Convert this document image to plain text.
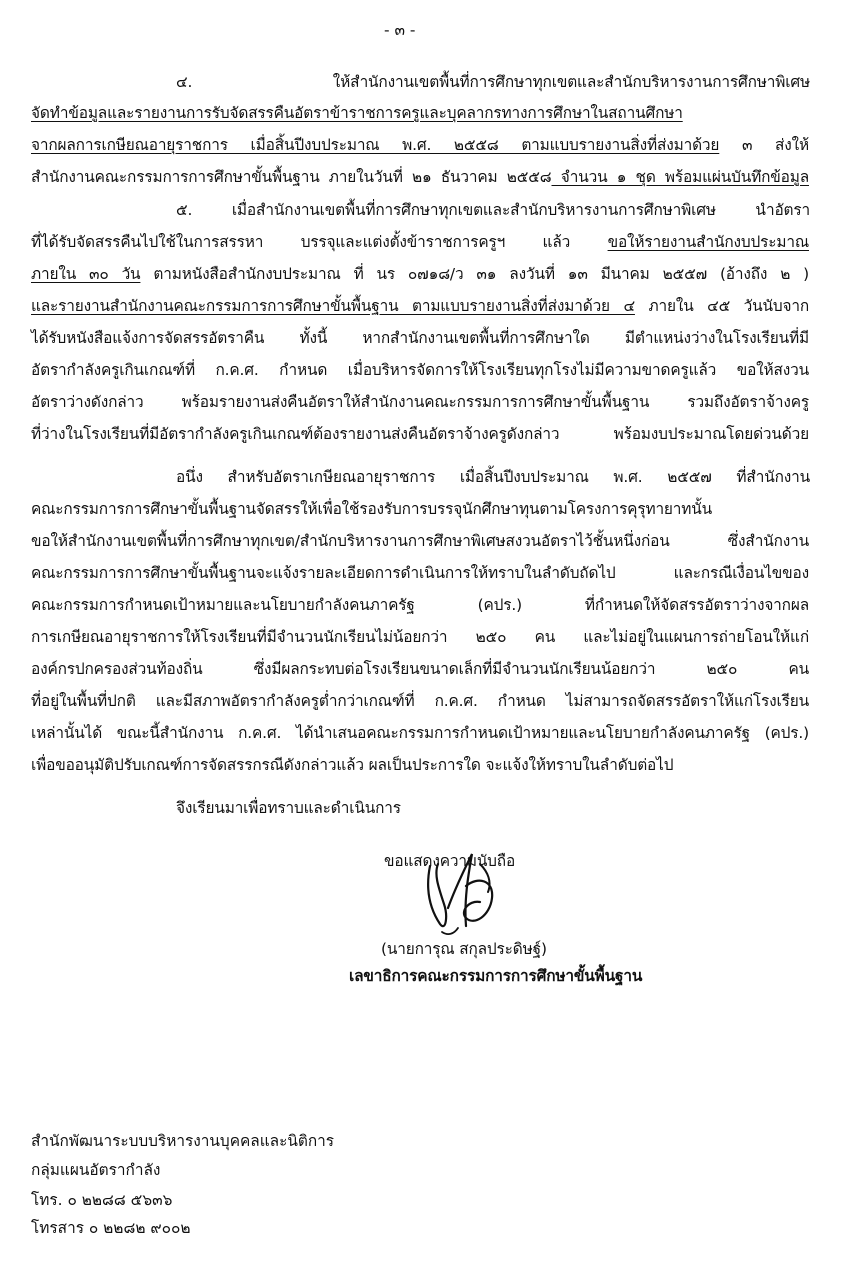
- ๓ -
๔. ให้สำนักงานเขตพื้นที่การศึกษาทุกเขตและสำนักบริหารงานการศึกษาพิเศษ
จัดทำข้อมูลและรายงานการรับจัดสรรคืนอัตราข้าราชการครูและบุคลากรทางการศึกษาในสถานศึกษา
จากผลการเกษียณอายุราชการ เมื่อสิ้นปีงบประมาณ พ.ศ. ๒๕๕๘ ตามแบบรายงานสิ่งที่ส่งมาด้วย ๓ ส่งให้
สำนักงานคณะกรรมการการศึกษาขั้นพื้นฐาน ภายในวันที่ ๒๑ ธันวาคม ๒๕๕๘ จำนวน ๑ ชุด พร้อมแผ่นบันทึกข้อมูล
๕. เมื่อสำนักงานเขตพื้นที่การศึกษาทุกเขตและสำนักบริหารงานการศึกษาพิเศษ นำอัตรา
ที่ได้รับจัดสรรคืนไปใช้ในการสรรหา บรรจุและแต่งตั้งข้าราชการครูฯ แล้ว ขอให้รายงานสำนักงบประมาณ
ภายใน ๓๐ วัน ตามหนังสือสำนักงบประมาณ ที่ นร ๐๗๑๘/ว ๓๑ ลงวันที่ ๑๓ มีนาคม ๒๕๕๗ (อ้างถึง ๒ )
และรายงานสำนักงานคณะกรรมการการศึกษาขั้นพื้นฐาน ตามแบบรายงานสิ่งที่ส่งมาด้วย ๔ ภายใน ๔๕ วันนับจาก
ได้รับหนังสือแจ้งการจัดสรรอัตราคืน ทั้งนี้ หากสำนักงานเขตพื้นที่การศึกษาใด มีตำแหน่งว่างในโรงเรียนที่มี
อัตรากำลังครูเกินเกณฑ์ที่ ก.ค.ศ. กำหนด เมื่อบริหารจัดการให้โรงเรียนทุกโรงไม่มีความขาดครูแล้ว ขอให้สงวน
อัตราว่างดังกล่าว พร้อมรายงานส่งคืนอัตราให้สำนักงานคณะกรรมการการศึกษาขั้นพื้นฐาน รวมถึงอัตราจ้างครู
ที่ว่างในโรงเรียนที่มีอัตรากำลังครูเกินเกณฑ์ต้องรายงานส่งคืนอัตราจ้างครูดังกล่าว พร้อมงบประมาณโดยด่วนด้วย
อนึ่ง สำหรับอัตราเกษียณอายุราชการ เมื่อสิ้นปีงบประมาณ พ.ศ. ๒๕๕๗ ที่สำนักงาน
คณะกรรมการการศึกษาขั้นพื้นฐานจัดสรรให้เพื่อใช้รองรับการบรรจุนักศึกษาทุนตามโครงการคุรุทายาทนั้น
ขอให้สำนักงานเขตพื้นที่การศึกษาทุกเขต/สำนักบริหารงานการศึกษาพิเศษสงวนอัตราไว้ชั้นหนึ่งก่อน ซึ่งสำนักงาน
คณะกรรมการการศึกษาขั้นพื้นฐานจะแจ้งรายละเอียดการดำเนินการให้ทราบในลำดับถัดไป และกรณีเงื่อนไขของ
คณะกรรมการกำหนดเป้าหมายและนโยบายกำลังคนภาครัฐ (คปร.) ที่กำหนดให้จัดสรรอัตราว่างจากผล
การเกษียณอายุราชการให้โรงเรียนที่มีจำนวนนักเรียนไม่น้อยกว่า ๒๕๐ คน และไม่อยู่ในแผนการถ่ายโอนให้แก่
องค์กรปกครองส่วนท้องถิ่น ซึ่งมีผลกระทบต่อโรงเรียนขนาดเล็กที่มีจำนวนนักเรียนน้อยกว่า ๒๕๐ คน
ที่อยู่ในพื้นที่ปกติ และมีสภาพอัตรากำลังครูต่ำกว่าเกณฑ์ที่ ก.ค.ศ. กำหนด ไม่สามารถจัดสรรอัตราให้แก่โรงเรียน
เหล่านั้นได้ ขณะนี้สำนักงาน ก.ค.ศ. ได้นำเสนอคณะกรรมการกำหนดเป้าหมายและนโยบายกำลังคนภาครัฐ (คปร.)
เพื่อขออนุมัติปรับเกณฑ์การจัดสรรกรณีดังกล่าวแล้ว ผลเป็นประการใด จะแจ้งให้ทราบในลำดับต่อไป
จึงเรียนมาเพื่อทราบและดำเนินการ
ขอแสดงความนับถือ
(นายการุณ สกุลประดิษฐ์)
เลขาธิการคณะกรรมการการศึกษาขั้นพื้นฐาน
สำนักพัฒนาระบบบริหารงานบุคคลและนิติการ
กลุ่มแผนอัตรากำลัง
โทร. ๐ ๒๒๘๘ ๕๖๓๖
โทรสาร ๐ ๒๒๘๒ ๙๐๐๒
